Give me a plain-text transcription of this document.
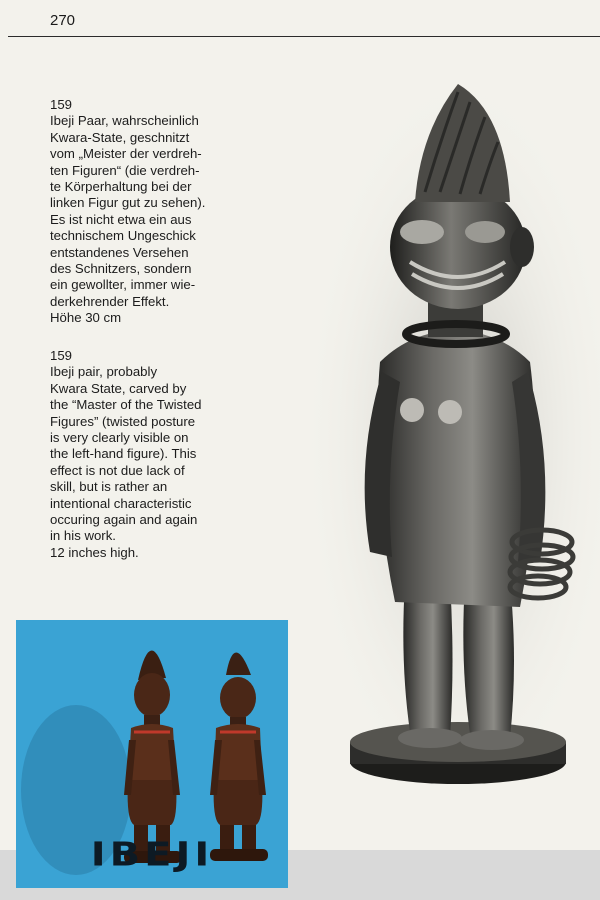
270

159

Ibeji Paar, wahrscheinlich
Kwara-State, geschnitzt
vom „Meister der verdreh-
ten Figuren“ (die verdreh-
te Körperhaltung bei der
linken Figur gut zu sehen).
Es ist nicht etwa ein aus
technischem Ungeschick
entstandenes Versehen
des Schnitzers, sondern
ein gewollter, immer wie-
derkehrender Effekt.
Höhe 30 cm

159

Ibeji pair, probably
Kwara State, carved by
the “Master of the Twisted
Figures” (twisted posture
is very clearly visible on
the left-hand figure). This
effect is not due lack of
skill, but is rather an
intentional characteristic
occuring again and again
in his work.
12 inches high.

IBEJI
